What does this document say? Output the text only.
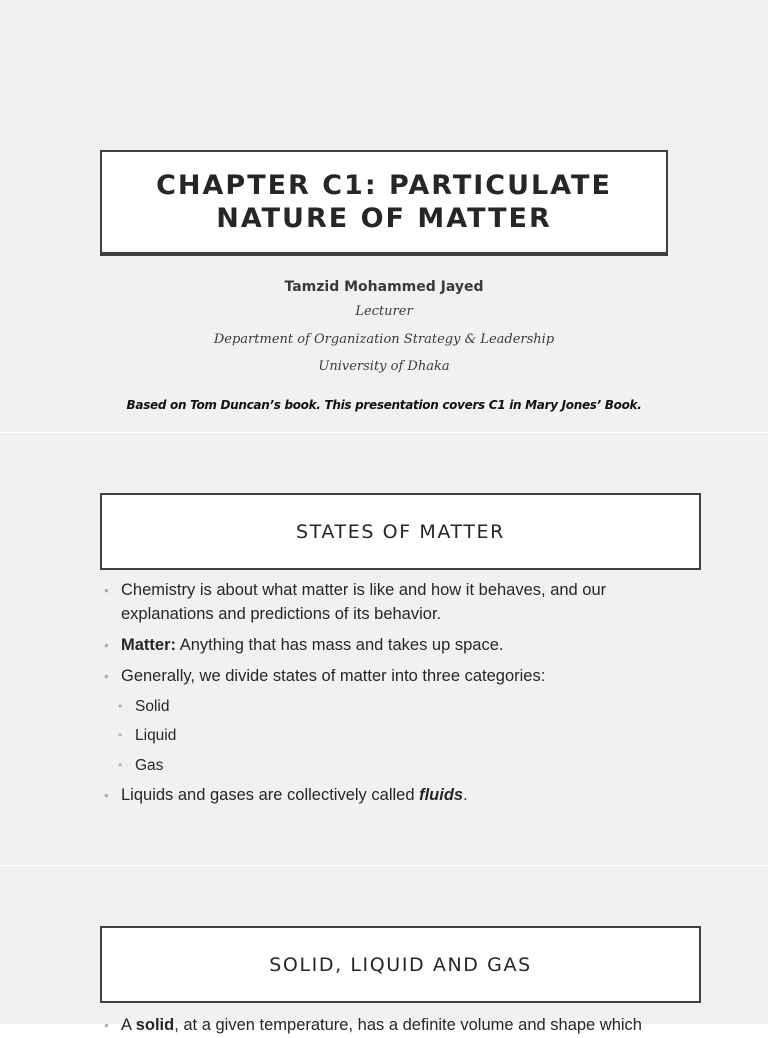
CHAPTER C1: PARTICULATE
NATURE OF MATTER
Tamzid Mohammed Jayed
Lecturer
Department of Organization Strategy & Leadership
University of Dhaka
Based on Tom Duncan’s book. This presentation covers C1 in Mary Jones’ Book.
STATES OF MATTER
• Chemistry is about what matter is like and how it behaves, and our explanations and predictions of its behavior.
• Matter: Anything that has mass and takes up space.
• Generally, we divide states of matter into three categories:
• Solid
• Liquid
• Gas
• Liquids and gases are collectively called fluids.
SOLID, LIQUID AND GAS
• A solid, at a given temperature, has a definite volume and shape which
